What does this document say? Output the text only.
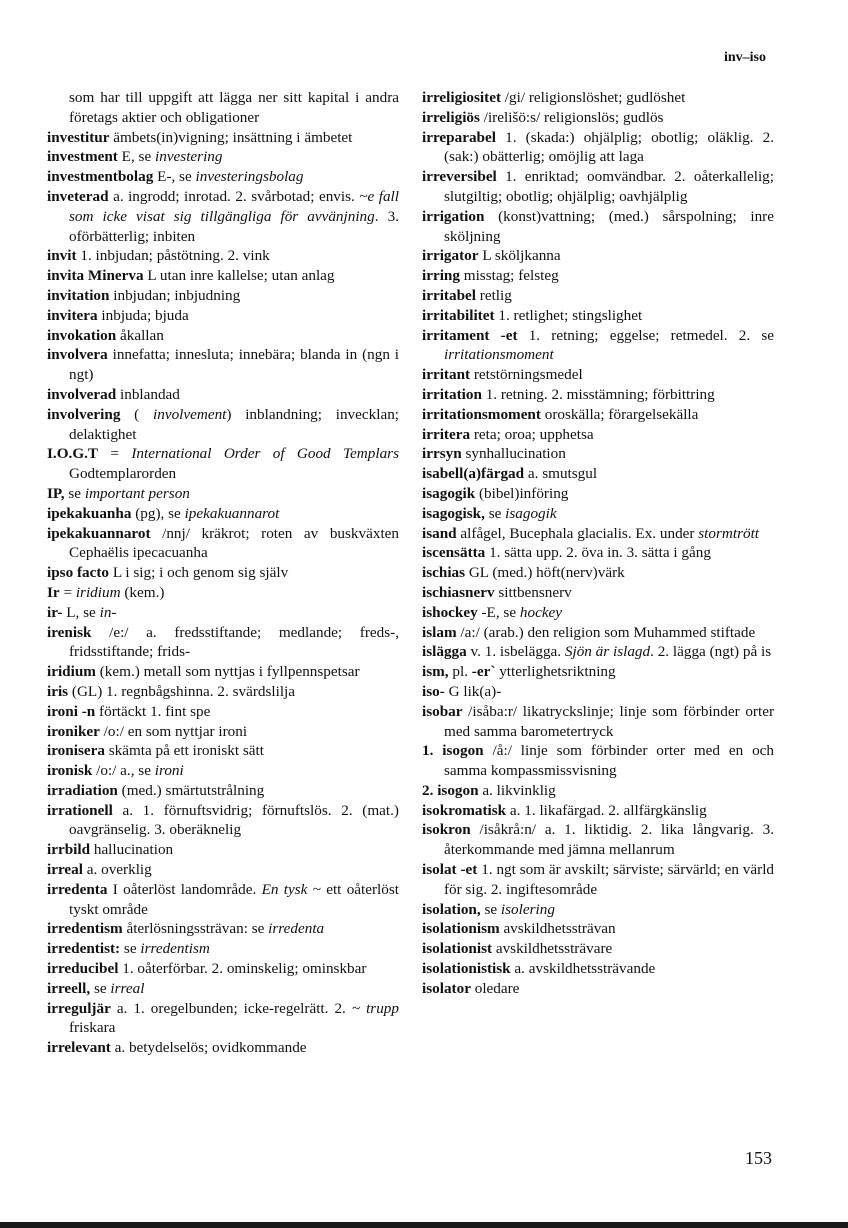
inv–iso
som har till uppgift att lägga ner sitt kapital i andra företags aktier och obligationer
investitur ämbets(in)vigning; insättning i ämbetet
investment E, se investering
investmentbolag E-, se investeringsbolag
inveterad a. ingrodd; inrotad. 2. svårbotad; envis. ~e fall som icke visat sig tillgängliga för avvänjning. 3. oförbätterlig; inbiten
invit 1. inbjudan; påstötning. 2. vink
invita Minerva L utan inre kallelse; utan anlag
invitation inbjudan; inbjudning
invitera inbjuda; bjuda
invokation åkallan
involvera innefatta; innesluta; innebära; blanda in (ngn i ngt)
involverad inblandad
involvering ( involvement) inblandning; invecklan; delaktighet
I.O.G.T = International Order of Good Templars Godtemplarorden
IP, se important person
ipekakuanha (pg), se ipekakuannarot
ipekakuannarot /nnj/ kräkrot; roten av buskväxten Cephaëlis ipecacuanha
ipso facto L i sig; i och genom sig själv
Ir = iridium (kem.)
ir- L, se in-
irenisk /e:/ a. fredsstiftande; medlande; freds-, fridsstiftande; frids-
iridium (kem.) metall som nyttjas i fyllpennspetsar
iris (GL) 1. regnbågshinna. 2. svärdslilja
ironi -n förtäckt 1. fint spe
ironiker /o:/ en som nyttjar ironi
ironisera skämta på ett ironiskt sätt
ironisk /o:/ a., se ironi
irradiation (med.) smärtutstrålning
irrationell a. 1. förnuftsvidrig; förnuftslös. 2. (mat.) oavgränselig. 3. oberäknelig
irrbild hallucination
irreal a. overklig
irredenta I oåterlöst landområde. En tysk ~ ett oåterlöst tyskt område
irredentism återlösningssträvan: se irredenta
irredentist: se irredentism
irreducibel 1. oåterförbar. 2. ominskelig; ominskbar
irreell, se irreal
irreguljär a. 1. oregelbunden; icke-regelrätt. 2. ~ trupp friskara
irrelevant a. betydelselös; ovidkommande
irreligiositet /gi/ religionslöshet; gudlöshet
irreligiös /irelišö:s/ religionslös; gudlös
irreparabel 1. (skada:) ohjälplig; obotlig; oläklig. 2. (sak:) obätterlig; omöjlig att laga
irreversibel 1. enriktad; oomvändbar. 2. oåterkallelig; slutgiltig; obotlig; ohjälplig; oavhjälplig
irrigation (konst)vattning; (med.) sårspolning; inre sköljning
irrigator L sköljkanna
irring misstag; felsteg
irritabel retlig
irritabilitet 1. retlighet; stingslighet
irritament -et 1. retning; eggelse; retmedel. 2. se irritationsmoment
irritant retstörningsmedel
irritation 1. retning. 2. misstämning; förbittring
irritationsmoment oroskälla; förargelsekälla
irritera reta; oroa; upphetsa
irrsyn synhallucination
isabell(a)färgad a. smutsgul
isagogik (bibel)införing
isagogisk, se isagogik
isand alfågel, Bucephala glacialis. Ex. under stormtrött
iscensätta 1. sätta upp. 2. öva in. 3. sätta i gång
ischias GL (med.) höft(nerv)värk
ischiasnerv sittbensnerv
ishockey -E, se hockey
islam /a:/ (arab.) den religion som Muhammed stiftade
islägga v. 1. isbelägga. Sjön är islagd. 2. lägga (ngt) på is
ism, pl. -er` ytterlighetsriktning
iso- G lik(a)-
isobar /isåba:r/ likatryckslinje; linje som förbinder orter med samma barometertryck
1. isogon /å:/ linje som förbinder orter med en och samma kompassmissvisning
2. isogon a. likvinklig
isokromatisk a. 1. likafärgad. 2. allfärgkänslig
isokron /isåkrå:n/ a. 1. liktidig. 2. lika långvarig. 3. återkommande med jämna mellanrum
isolat -et 1. ngt som är avskilt; särviste; särvärld; en värld för sig. 2. ingiftesområde
isolation, se isolering
isolationism avskildhetssträvan
isolationist avskildhetssträvare
isolationistisk a. avskildhetssträvande
isolator oledare
153
